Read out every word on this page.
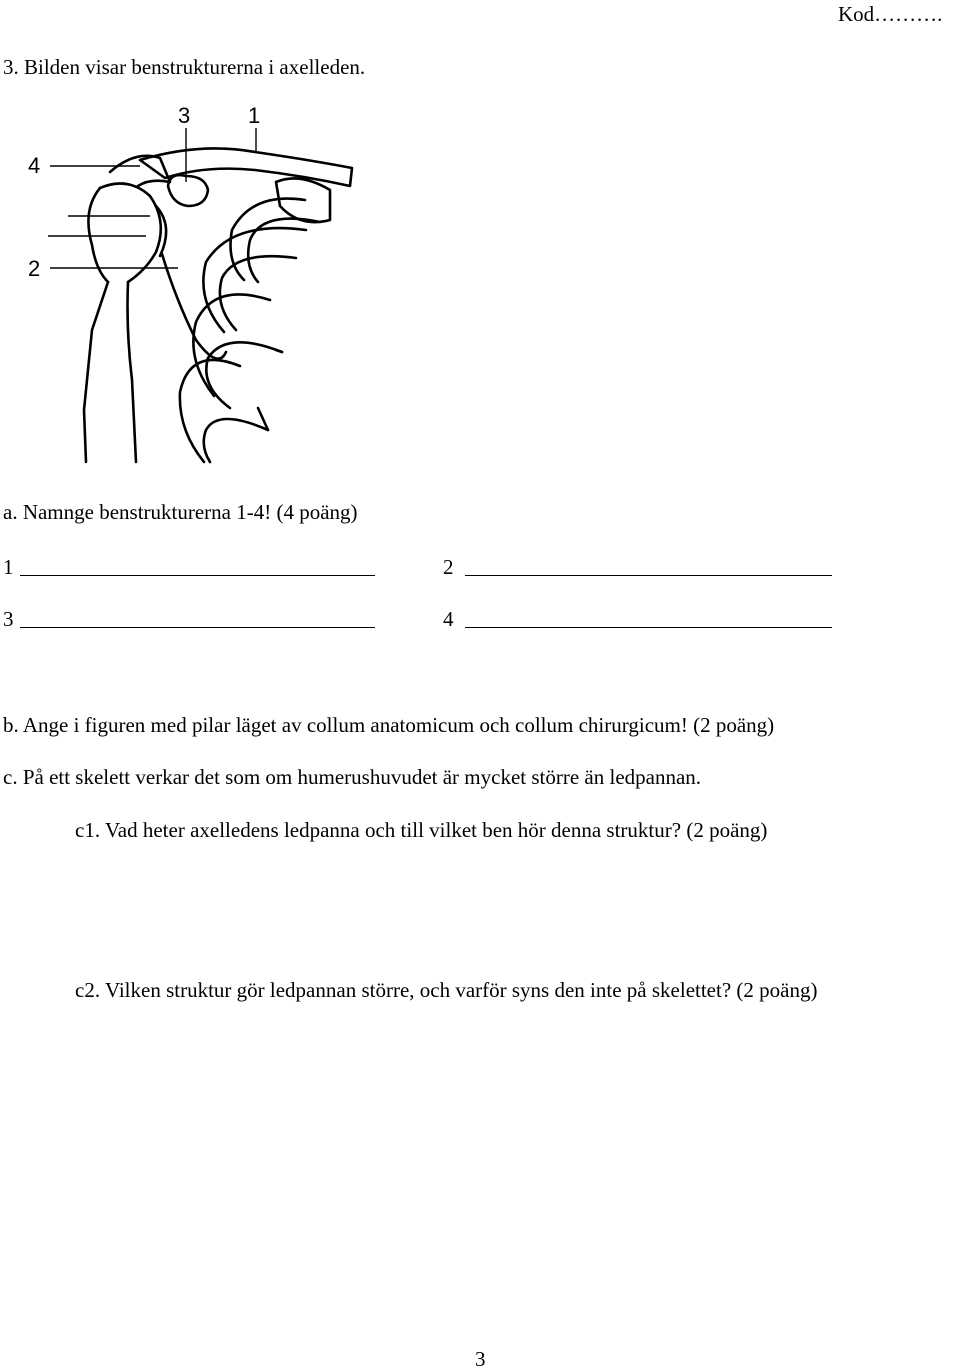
Kod……….
3. Bilden visar benstrukturerna i axelleden.
3	1
4
2
a. Namnge benstrukturerna 1-4! (4 poäng)
1	2
3	4
b. Ange i figuren med pilar läget av collum anatomicum och collum chirurgicum! (2 poäng)
c. På ett skelett verkar det som om humerushuvudet är mycket större än ledpannan.
c1. Vad heter axelledens ledpanna och till vilket ben hör denna struktur? (2 poäng)
c2. Vilken struktur gör ledpannan större, och varför syns den inte på skelettet? (2 poäng)
3
